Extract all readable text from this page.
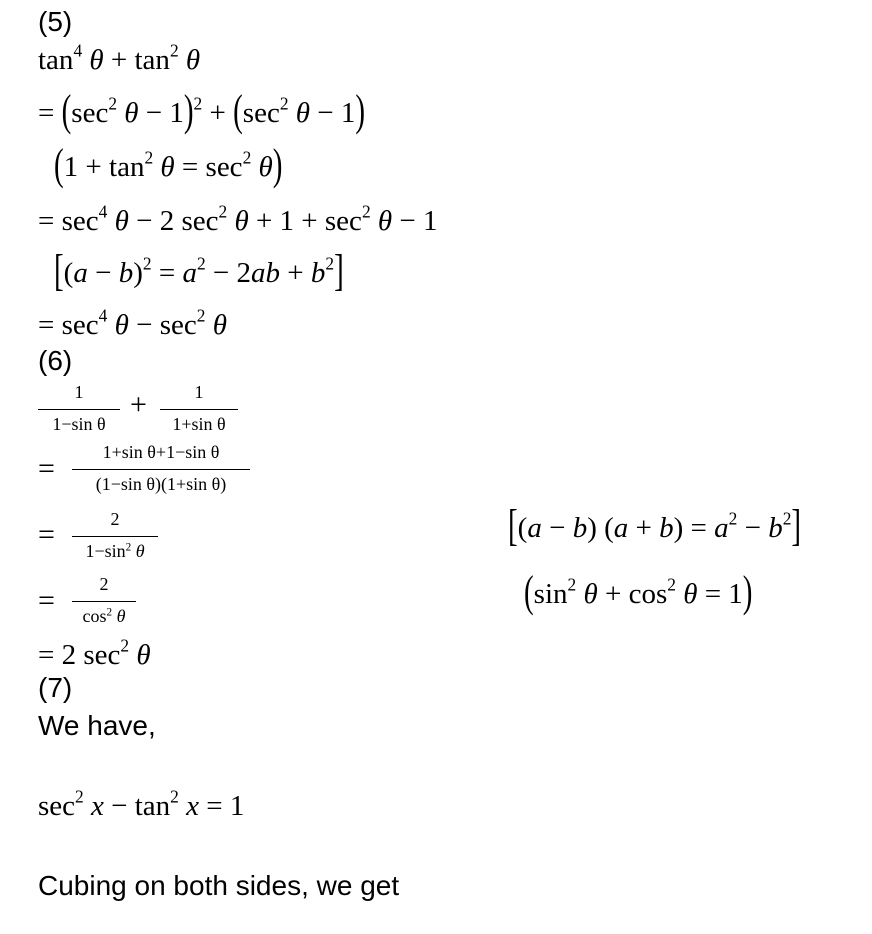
(5)
$\tan^4 \theta + \tan^2 \theta$
= ($\sec^2$ $\theta - 1)^2 + (\sec^2$ θ − 1)
$(1 + \tan^2 \theta = \sec^2 \theta)$
= $\sec^4 \theta - 2$ $\sec^2 \theta + 1 + \sec^2 \theta - 1$
$[(a - b)^2 = a^2 - 2ab + b^2]$
= $\sec^4 \theta - \sec^2 \theta$
(6)
1
1−sin θ
+	1
1+sin θ
=	1+sin θ+1−sin θ
(1−sin θ)(1+sin θ)
=	2
$1-\sin^2$ θ
[(a − b) $(a + b) = a^2 - b^2$]
=	2
$\cos^2 \theta$	($\sin^2$ $\theta + \cos^2 \theta = 1$)
= 2 $\sec^2 \theta$
(7)
We have,
$\sec^2 x - \tan^2 x = 1$
Cubing on both sides, we get
